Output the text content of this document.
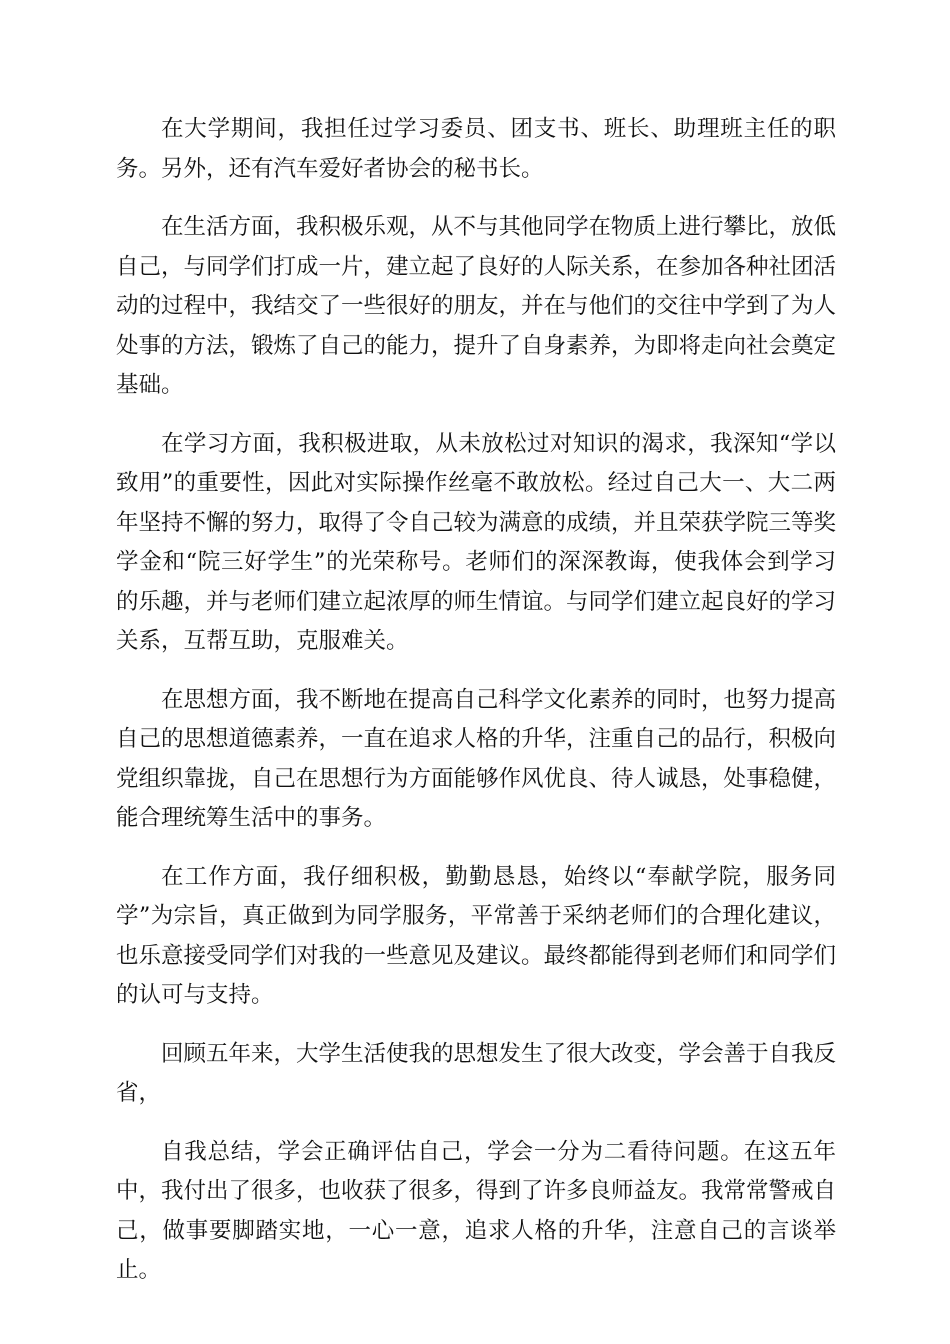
在大学期间，我担任过学习委员、团支书、班长、助理班主任的职务。另外，还有汽车爱好者协会的秘书长。

在生活方面，我积极乐观，从不与其他同学在物质上进行攀比，放低自己，与同学们打成一片，建立起了良好的人际关系，在参加各种社团活动的过程中，我结交了一些很好的朋友，并在与他们的交往中学到了为人处事的方法，锻炼了自己的能力，提升了自身素养，为即将走向社会奠定基础。

在学习方面，我积极进取，从未放松过对知识的渴求，我深知“学以致用”的重要性，因此对实际操作丝毫不敢放松。经过自己大一、大二两年坚持不懈的努力，取得了令自己较为满意的成绩，并且荣获学院三等奖学金和“院三好学生”的光荣称号。老师们的深深教诲，使我体会到学习的乐趣，并与老师们建立起浓厚的师生情谊。与同学们建立起良好的学习关系，互帮互助，克服难关。

在思想方面，我不断地在提高自己科学文化素养的同时，也努力提高自己的思想道德素养，一直在追求人格的升华，注重自己的品行，积极向党组织靠拢，自己在思想行为方面能够作风优良、待人诚恳，处事稳健，能合理统筹生活中的事务。

在工作方面，我仔细积极，勤勤恳恳，始终以“奉献学院，服务同学”为宗旨，真正做到为同学服务，平常善于采纳老师们的合理化建议，也乐意接受同学们对我的一些意见及建议。最终都能得到老师们和同学们的认可与支持。

回顾五年来，大学生活使我的思想发生了很大改变，学会善于自我反省，

自我总结，学会正确评估自己，学会一分为二看待问题。在这五年中，我付出了很多，也收获了很多，得到了许多良师益友。我常常警戒自己，做事要脚踏实地，一心一意，追求人格的升华，注意自己的言谈举止。
